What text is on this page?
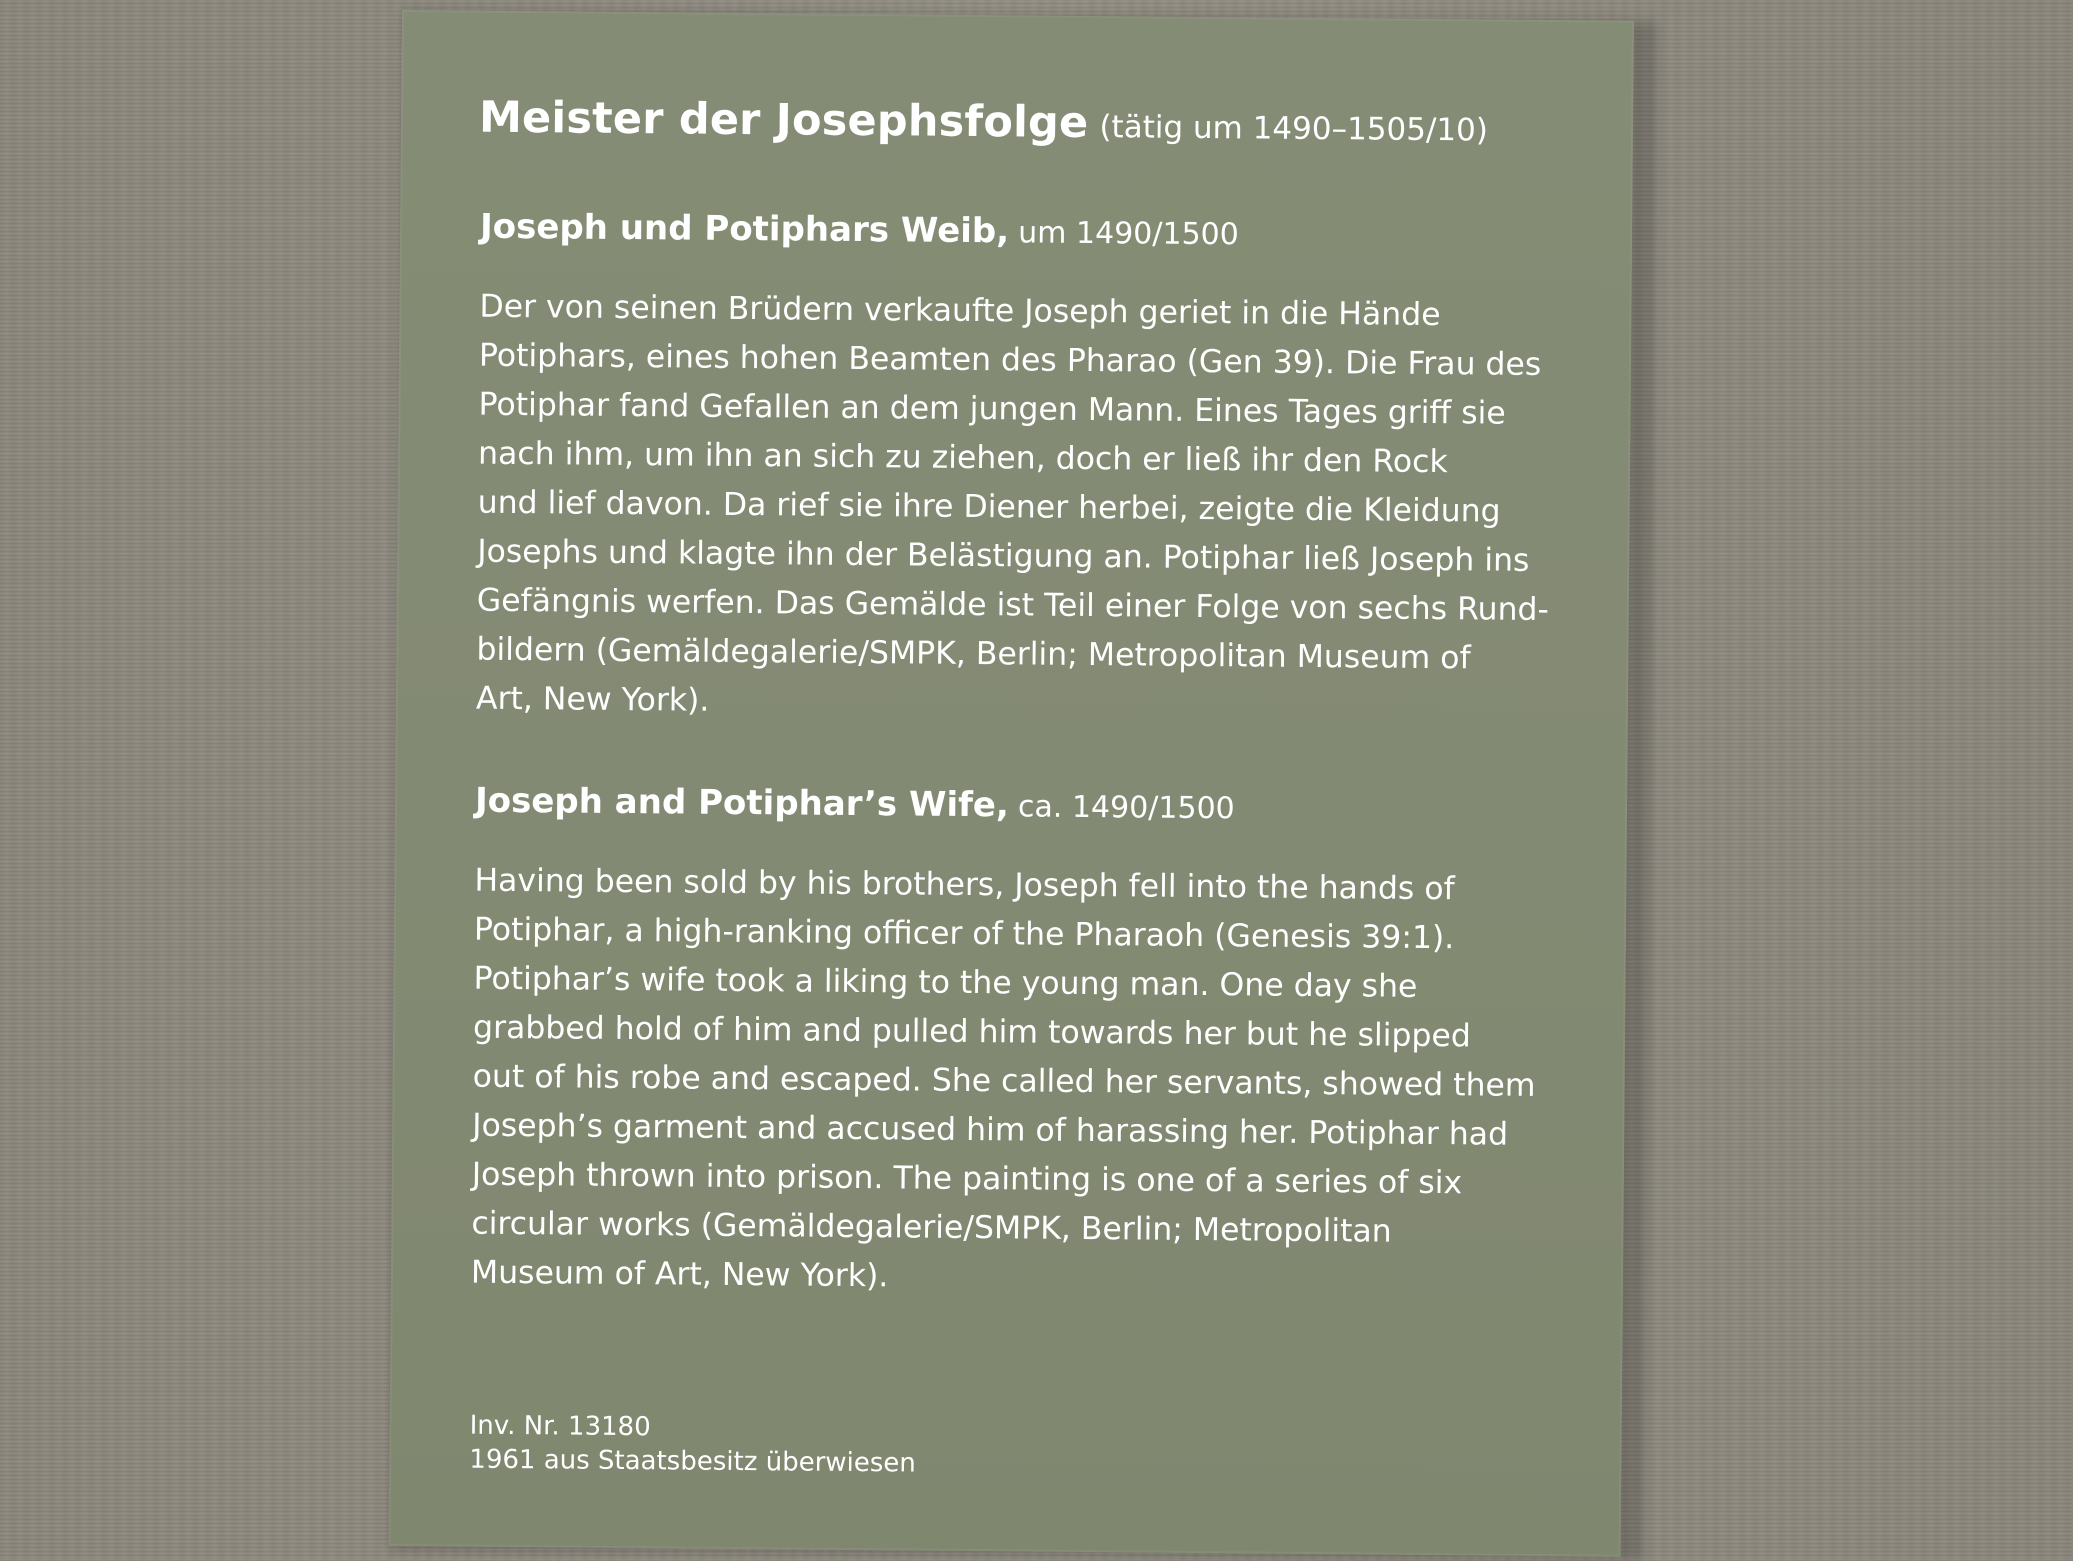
Meister der Josephsfolge (tätig um 1490–1505/10)
Joseph und Potiphars Weib, um 1490/1500

Der von seinen Brüdern verkaufte Joseph geriet in die Hände
Potiphars, eines hohen Beamten des Pharao (Gen 39). Die Frau des
Potiphar fand Gefallen an dem jungen Mann. Eines Tages griff sie
nach ihm, um ihn an sich zu ziehen, doch er ließ ihr den Rock
und lief davon. Da rief sie ihre Diener herbei, zeigte die Kleidung
Josephs und klagte ihn der Belästigung an. Potiphar ließ Joseph ins
Gefängnis werfen. Das Gemälde ist Teil einer Folge von sechs Rund-
bildern (Gemäldegalerie/SMPK, Berlin; Metropolitan Museum of
Art, New York).

Joseph and Potiphar’s Wife, ca. 1490/1500

Having been sold by his brothers, Joseph fell into the hands of
Potiphar, a high-ranking officer of the Pharaoh (Genesis 39:1).
Potiphar’s wife took a liking to the young man. One day she
grabbed hold of him and pulled him towards her but he slipped
out of his robe and escaped. She called her servants, showed them
Joseph’s garment and accused him of harassing her. Potiphar had
Joseph thrown into prison. The painting is one of a series of six
circular works (Gemäldegalerie/SMPK, Berlin; Metropolitan
Museum of Art, New York).

Inv. Nr. 13180
1961 aus Staatsbesitz überwiesen
